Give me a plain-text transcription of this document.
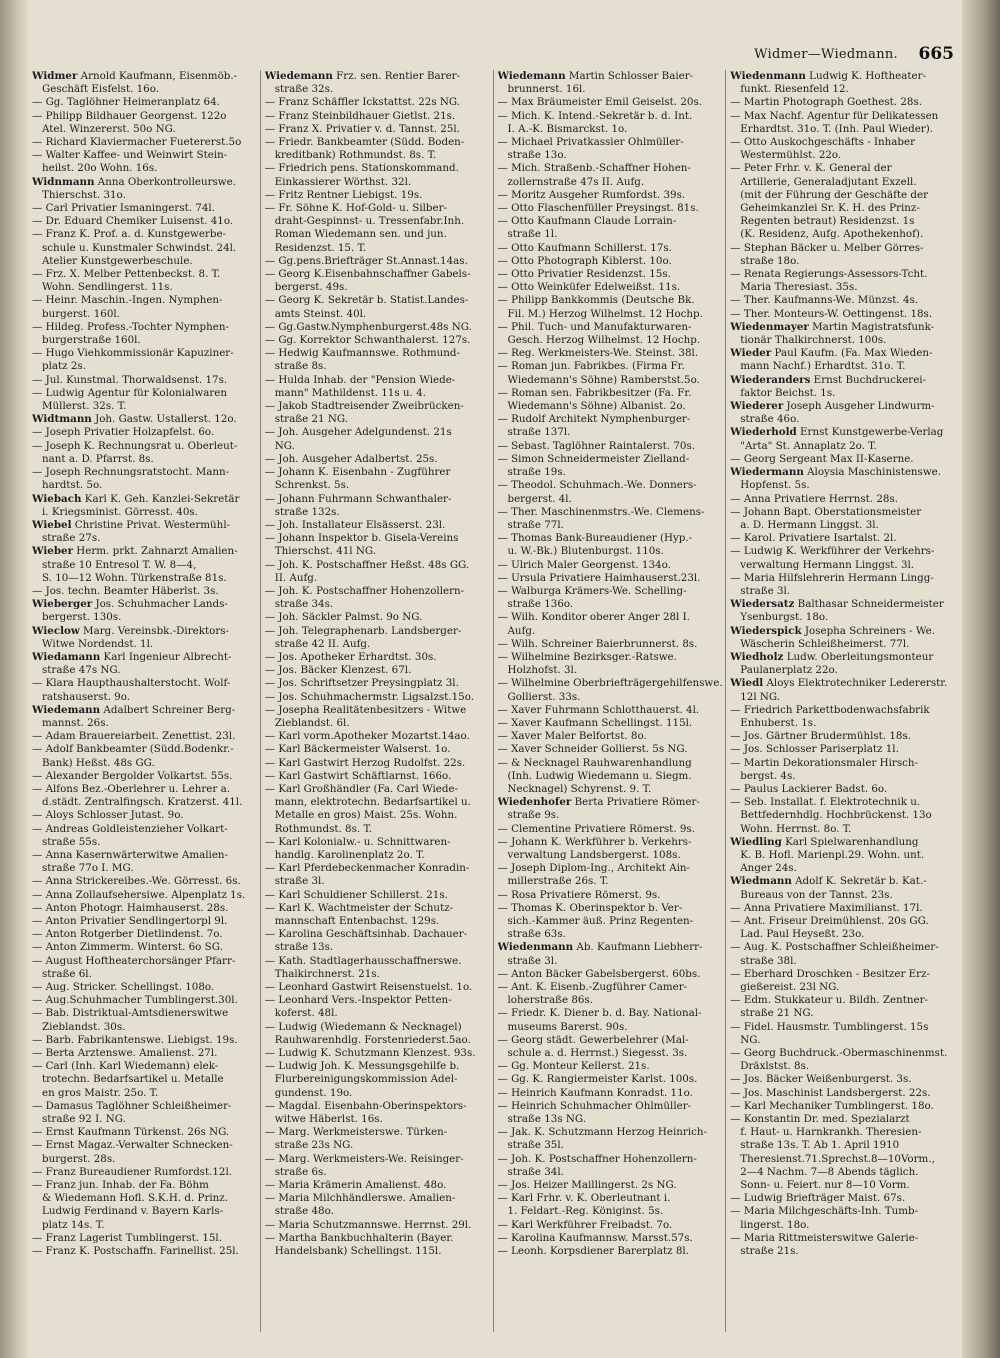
Widmer—Wiedmann. 665
Widmer Arnold Kaufmann, Eisenmöb.-
Geschäft Eisfelst. 16o.
— Gg. Taglöhner Heimeranplatz 64.
— Philipp Bildhauer Georgenst. 122o
Atel. Winzererst. 50o NG.
— Richard Klaviermacher Fuetererst.5o
— Walter Kaffee- und Weinwirt Stein-
heilst. 20o Wohn. 16s.
Widnmann Anna Oberkontrolleurswe.
Thierschst. 31o.
— Carl Privatier Ismaningerst. 74l.
— Dr. Eduard Chemiker Luisenst. 41o.
— Franz K. Prof. a. d. Kunstgewerbe-
schule u. Kunstmaler Schwindst. 24l.
Atelier Kunstgewerbeschule.
— Frz. X. Melber Pettenbeckst. 8. T.
Wohn. Sendlingerst. 11s.
— Heinr. Maschin.-Ingen. Nymphen-
burgerst. 160l.
— Hildeg. Profess.-Tochter Nymphen-
burgerstraße 160l.
— Hugo Viehkommissionär Kapuziner-
platz 2s.
— Jul. Kunstmal. Thorwaldsenst. 17s.
— Ludwig Agentur für Kolonialwaren
Müllerst. 32s. T.
Widtmann Joh. Gastw. Ustallerst. 12o.
— Joseph Privatier Holzapfelst. 6o.
— Joseph K. Rechnungsrat u. Oberleut-
nant a. D. Pfarrst. 8s.
— Joseph Rechnungsratstocht. Mann-
hardtst. 5o.
Wiebach Karl K. Geh. Kanzlei-Sekretär
i. Kriegsminist. Görresst. 40s.
Wiebel Christine Privat. Westermühl-
straße 27s.
Wieber Herm. prkt. Zahnarzt Amalien-
straße 10 Entresol T. W. 8—4,
S. 10—12 Wohn. Türkenstraße 81s.
— Jos. techn. Beamter Häberlst. 3s.
Wieberger Jos. Schuhmacher Lands-
bergerst. 130s.
Wieclow Marg. Vereinsbk.-Direktors-
Witwe Nordendst. 1l.
Wiedamann Karl Ingenieur Albrecht-
straße 47s NG.
— Klara Haupthaushalterstocht. Wolf-
ratshauserst. 9o.
Wiedemann Adalbert Schreiner Berg-
mannst. 26s.
— Adam Brauereiarbeit. Zenettist. 23l.
— Adolf Bankbeamter (Südd.Bodenkr.-
Bank) Heßst. 48s GG.
— Alexander Bergolder Volkartst. 55s.
— Alfons Bez.-Oberlehrer u. Lehrer a.
d.städt. Zentralfingsch. Kratzerst. 41l.
— Aloys Schlosser Jutast. 9o.
— Andreas Goldleistenzieher Volkart-
straße 55s.
— Anna Kasernwärterwitwe Amalien-
straße 77o I. MG.
— Anna Strickereibes.-We. Görresst. 6s.
— Anna Zollaufsehersiwe. Alpenplatz 1s.
— Anton Photogr. Haimhauserst. 28s.
— Anton Privatier Sendlingertorpl 9l.
— Anton Rotgerber Dietlindenst. 7o.
— Anton Zimmerm. Winterst. 6o SG.
— August Hoftheaterchorsänger Pfarr-
straße 6l.
— Aug. Stricker. Schellingst. 108o.
— Aug.Schuhmacher Tumblingerst.30l.
— Bab. Distriktual-Amtsdienerswitwe
Zieblandst. 30s.
— Barb. Fabrikantenswe. Liebigst. 19s.
— Berta Arztenswe. Amalienst. 27l.
— Carl (Inh. Karl Wiedemann) elek-
trotechn. Bedarfsartikel u. Metalle
en gros Maistr. 25o. T.
— Damasus Taglöhner Schleißheimer-
straße 92 I. NG.
— Ernst Kaufmann Türkenst. 26s NG.
— Ernst Magaz.-Verwalter Schnecken-
burgerst. 28s.
— Franz Bureaudiener Rumfordst.12l.
— Franz jun. Inhab. der Fa. Böhm
& Wiedemann Hofl. S.K.H. d. Prinz.
Ludwig Ferdinand v. Bayern Karls-
platz 14s. T.
— Franz Lagerist Tumblingerst. 15l.
— Franz K. Postschaffn. Farinellist. 25l.
Wiedemann Frz. sen. Rentier Barer-
straße 32s.
— Franz Schäffler Ickstattst. 22s NG.
— Franz Steinbildhauer Gietlst. 21s.
— Franz X. Privatier v. d. Tannst. 25l.
— Friedr. Bankbeamter (Südd. Boden-
kreditbank) Rothmundst. 8s. T.
— Friedrich pens. Stationskommand.
Einkassierer Wörthst. 32l.
— Fritz Rentner Liebigst. 19s.
— Fr. Söhne K. Hof-Gold- u. Silber-
draht-Gespinnst- u. Tressenfabr.Inh.
Roman Wiedemann sen. und jun.
Residenzst. 15. T.
— Gg.pens.Briefträger St.Annast.14as.
— Georg K.Eisenbahnschaffner Gabels-
bergerst. 49s.
— Georg K. Sekretär b. Statist.Landes-
amts Steinst. 40l.
— Gg.Gastw.Nymphenburgerst.48s NG.
— Gg. Korrektor Schwanthalerst. 127s.
— Hedwig Kaufmannswe. Rothmund-
straße 8s.
— Hulda Inhab. der "Pension Wiede-
mann" Mathildenst. 11s u. 4.
— Jakob Stadtreisender Zweibrücken-
straße 21 NG.
— Joh. Ausgeher Adelgundenst. 21s
NG.
— Joh. Ausgeher Adalbertst. 25s.
— Johann K. Eisenbahn - Zugführer
Schrenkst. 5s.
— Johann Fuhrmann Schwanthaler-
straße 132s.
— Joh. Installateur Elsässerst. 23l.
— Johann Inspektor b. Gisela-Vereins
Thierschst. 41l NG.
— Joh. K. Postschaffner Heßst. 48s GG.
II. Aufg.
— Joh. K. Postschaffner Hohenzollern-
straße 34s.
— Joh. Säckler Palmst. 9o NG.
— Joh. Telegraphenarb. Landsberger-
straße 42 II. Aufg.
— Jos. Apotheker Erhardtst. 30s.
— Jos. Bäcker Klenzest. 67l.
— Jos. Schriftsetzer Preysingplatz 3l.
— Jos. Schuhmachermstr. Ligsalzst.15o.
— Josepha Realitätenbesitzers - Witwe
Zieblandst. 6l.
— Karl vorm.Apotheker Mozartst.14ao.
— Karl Bäckermeister Walserst. 1o.
— Karl Gastwirt Herzog Rudolfst. 22s.
— Karl Gastwirt Schäftlarnst. 166o.
— Karl Großhändler (Fa. Carl Wiede-
mann, elektrotechn. Bedarfsartikel u.
Metalle en gros) Maist. 25s. Wohn.
Rothmundst. 8s. T.
— Karl Kolonialw.- u. Schnittwaren-
handlg. Karolinenplatz 2o. T.
— Karl Pferdebeckenmacher Konradin-
straße 3l.
— Karl Schuldiener Schillerst. 21s.
— Karl K. Wachtmeister der Schutz-
mannschaft Entenbachst. 129s.
— Karolina Geschäftsinhab. Dachauer-
straße 13s.
— Kath. Stadtlagerhausschaffnerswe.
Thalkirchnerst. 21s.
— Leonhard Gastwirt Reisenstuelst. 1o.
— Leonhard Vers.-Inspektor Petten-
koferst. 48l.
— Ludwig (Wiedemann & Necknagel)
Rauhwarenhdlg. Forstenriederst.5ao.
— Ludwig K. Schutzmann Klenzest. 93s.
— Ludwig Joh. K. Messungsgehilfe b.
Flurbereinigungskommission Adel-
gundenst. 19o.
— Magdal. Eisenbahn-Oberinspektors-
witwe Häberlst. 16s.
— Marg. Werkmeisterswe. Türken-
straße 23s NG.
— Marg. Werkmeisters-We. Reisinger-
straße 6s.
— Maria Krämerin Amalienst. 48o.
— Maria Milchhändlerswe. Amalien-
straße 48o.
— Maria Schutzmannswe. Herrnst. 29l.
— Martha Bankbuchhalterin (Bayer.
Handelsbank) Schellingst. 115l.
Wiedemann Martin Schlosser Baier-
brunnerst. 16l.
— Max Bräumeister Emil Geiselst. 20s.
— Mich. K. Intend.-Sekretär b. d. Int.
I. A.-K. Bismarckst. 1o.
— Michael Privatkassier Ohlmüller-
straße 13o.
— Mich. Straßenb.-Schaffner Hohen-
zollernstraße 47s II. Aufg.
— Moritz Ausgeher Rumfordst. 39s.
— Otto Flaschenfüller Preysingst. 81s.
— Otto Kaufmann Claude Lorrain-
straße 1l.
— Otto Kaufmann Schillerst. 17s.
— Otto Photograph Kiblerst. 10o.
— Otto Privatier Residenzst. 15s.
— Otto Weinküfer Edelweißst. 11s.
— Philipp Bankkommis (Deutsche Bk.
Fil. M.) Herzog Wilhelmst. 12 Hochp.
— Phil. Tuch- und Manufakturwaren-
Gesch. Herzog Wilhelmst. 12 Hochp.
— Reg. Werkmeisters-We. Steinst. 38l.
— Roman jun. Fabrikbes. (Firma Fr.
Wiedemann's Söhne) Ramberstst.5o.
— Roman sen. Fabrikbesitzer (Fa. Fr.
Wiedemann's Söhne) Albanist. 2o.
— Rudolf Architekt Nymphenburger-
straße 137l.
— Sebast. Taglöhner Raintalerst. 70s.
— Simon Schneidermeister Zielland-
straße 19s.
— Theodol. Schuhmach.-We. Donners-
bergerst. 4l.
— Ther. Maschinenmstrs.-We. Clemens-
straße 77l.
— Thomas Bank-Bureaudiener (Hyp.-
u. W.-Bk.) Blutenburgst. 110s.
— Ulrich Maler Georgenst. 134o.
— Ursula Privatiere Haimhauserst.23l.
— Walburga Krämers-We. Schelling-
straße 136o.
— Wilh. Konditor oberer Anger 28l I.
Aufg.
— Wilh. Schreiner Baierbrunnerst. 8s.
— Wilhelmine Bezirksger.-Ratswe.
Holzhofst. 3l.
— Wilhelmine Oberbriefträgergehilfenswe.
Gollierst. 33s.
— Xaver Fuhrmann Schlotthauerst. 4l.
— Xaver Kaufmann Schellingst. 115l.
— Xaver Maler Belfortst. 8o.
— Xaver Schneider Gollierst. 5s NG.
— & Necknagel Rauhwarenhandlung
(Inh. Ludwig Wiedemann u. Siegm.
Necknagel) Schyrenst. 9. T.
Wiedenhofer Berta Privatiere Römer-
straße 9s.
— Clementine Privatiere Römerst. 9s.
— Johann K. Werkführer b. Verkehrs-
verwaltung Landsbergerst. 108s.
— Joseph Diplom-Ing., Architekt Ain-
millerstraße 26s. T.
— Rosa Privatiere Römerst. 9s.
— Thomas K. Oberinspektor b. Ver-
sich.-Kammer äuß. Prinz Regenten-
straße 63s.
Wiedenmann Ab. Kaufmann Liebherr-
straße 3l.
— Anton Bäcker Gabelsbergerst. 60bs.
— Ant. K. Eisenb.-Zugführer Camer-
loherstraße 86s.
— Friedr. K. Diener b. d. Bay. National-
museums Barerst. 90s.
— Georg städt. Gewerbelehrer (Mal-
schule a. d. Herrnst.) Siegesst. 3s.
— Gg. Monteur Kellerst. 21s.
— Gg. K. Rangiermeister Karlst. 100s.
— Heinrich Kaufmann Konradst. 11o.
— Heinrich Schuhmacher Ohlmüller-
straße 13s NG.
— Jak. K. Schutzmann Herzog Heinrich-
straße 35l.
— Joh. K. Postschaffner Hohenzollern-
straße 34l.
— Jos. Heizer Maillingerst. 2s NG.
— Karl Frhr. v. K. Oberleutnant i.
1. Feldart.-Reg. Königinst. 5s.
— Karl Werkführer Freibadst. 7o.
— Karolina Kaufmannsw. Marsst.57s.
— Leonh. Korpsdiener Barerplatz 8l.
Wiedenmann Ludwig K. Hoftheater-
funkt. Riesenfeld 12.
— Martin Photograph Goethest. 28s.
— Max Nachf. Agentur für Delikatessen
Erhardtst. 31o. T. (Inh. Paul Wieder).
— Otto Auskochgeschäfts - Inhaber
Westermühlst. 22o.
— Peter Frhr. v. K. General der
Artillerie, Generaladjutant Exzell.
(mit der Führung der Geschäfte der
Geheimkanzlei Sr. K. H. des Prinz-
Regenten betraut) Residenzst. 1s
(K. Residenz, Aufg. Apothekenhof).
— Stephan Bäcker u. Melber Görres-
straße 18o.
— Renata Regierungs-Assessors-Tcht.
Maria Theresiast. 35s.
— Ther. Kaufmanns-We. Münzst. 4s.
— Ther. Monteurs-W. Oettingenst. 18s.
Wiedenmayer Martin Magistratsfunk-
tionär Thalkirchnerst. 100s.
Wieder Paul Kaufm. (Fa. Max Wieden-
mann Nachf.) Erhardtst. 31o. T.
Wiederanders Ernst Buchdruckerei-
faktor Beichst. 1s.
Wiederer Joseph Ausgeher Lindwurm-
straße 46o.
Wiederhold Ernst Kunstgewerbe-Verlag
"Arta" St. Annaplatz 2o. T.
— Georg Sergeant Max II-Kaserne.
Wiedermann Aloysia Maschinistenswe.
Hopfenst. 5s.
— Anna Privatiere Herrnst. 28s.
— Johann Bapt. Oberstationsmeister
a. D. Hermann Linggst. 3l.
— Karol. Privatiere Isartalst. 2l.
— Ludwig K. Werkführer der Verkehrs-
verwaltung Hermann Linggst. 3l.
— Maria Hilfslehrerin Hermann Lingg-
straße 3l.
Wiedersatz Balthasar Schneidermeister
Ysenburgst. 18o.
Wiederspick Josepha Schreiners - We.
Wäscherin Schleißheimerst. 77l.
Wiedholz Ludw. Oberleitungsmonteur
Paulanerplatz 22o.
Wiedl Aloys Elektrotechniker Ledererstr.
12l NG.
— Friedrich Parkettbodenwachsfabrik
Enhuberst. 1s.
— Jos. Gärtner Brudermühlst. 18s.
— Jos. Schlosser Pariserplatz 1l.
— Martin Dekorationsmaler Hirsch-
bergst. 4s.
— Paulus Lackierer Badst. 6o.
— Seb. Installat. f. Elektrotechnik u.
Bettfedernhdlg. Hochbrückenst. 13o
Wohn. Herrnst. 8o. T.
Wiedling Karl Spielwarenhandlung
K. B. Hofl. Marienpl.29. Wohn. unt.
Anger 24s.
Wiedmann Adolf K. Sekretär b. Kat.-
Bureaus von der Tannst. 23s.
— Anna Privatiere Maximilianst. 17l.
— Ant. Friseur Dreimühlenst. 20s GG.
Lad. Paul Heyseßt. 23o.
— Aug. K. Postschaffner Schleißheimer-
straße 38l.
— Eberhard Droschken - Besitzer Erz-
gießereist. 23l NG.
— Edm. Stukkateur u. Bildh. Zentner-
straße 21 NG.
— Fidel. Hausmstr. Tumblingerst. 15s
NG.
— Georg Buchdruck.-Obermaschinenmst.
Dräxlstst. 8s.
— Jos. Bäcker Weißenburgerst. 3s.
— Jos. Maschinist Landsbergerst. 22s.
— Karl Mechaniker Tumblingerst. 18o.
— Konstantin Dr. med. Spezialarzt
f. Haut- u. Harnkrankh. Theresien-
straße 13s. T. Ab 1. April 1910
Theresienst.71.Sprechst.8—10Vorm.,
2—4 Nachm. 7—8 Abends täglich.
Sonn- u. Feiert. nur 8—10 Vorm.
— Ludwig Briefträger Maist. 67s.
— Maria Milchgeschäfts-Inh. Tumb-
lingerst. 18o.
— Maria Rittmeisterswitwe Galerie-
straße 21s.
